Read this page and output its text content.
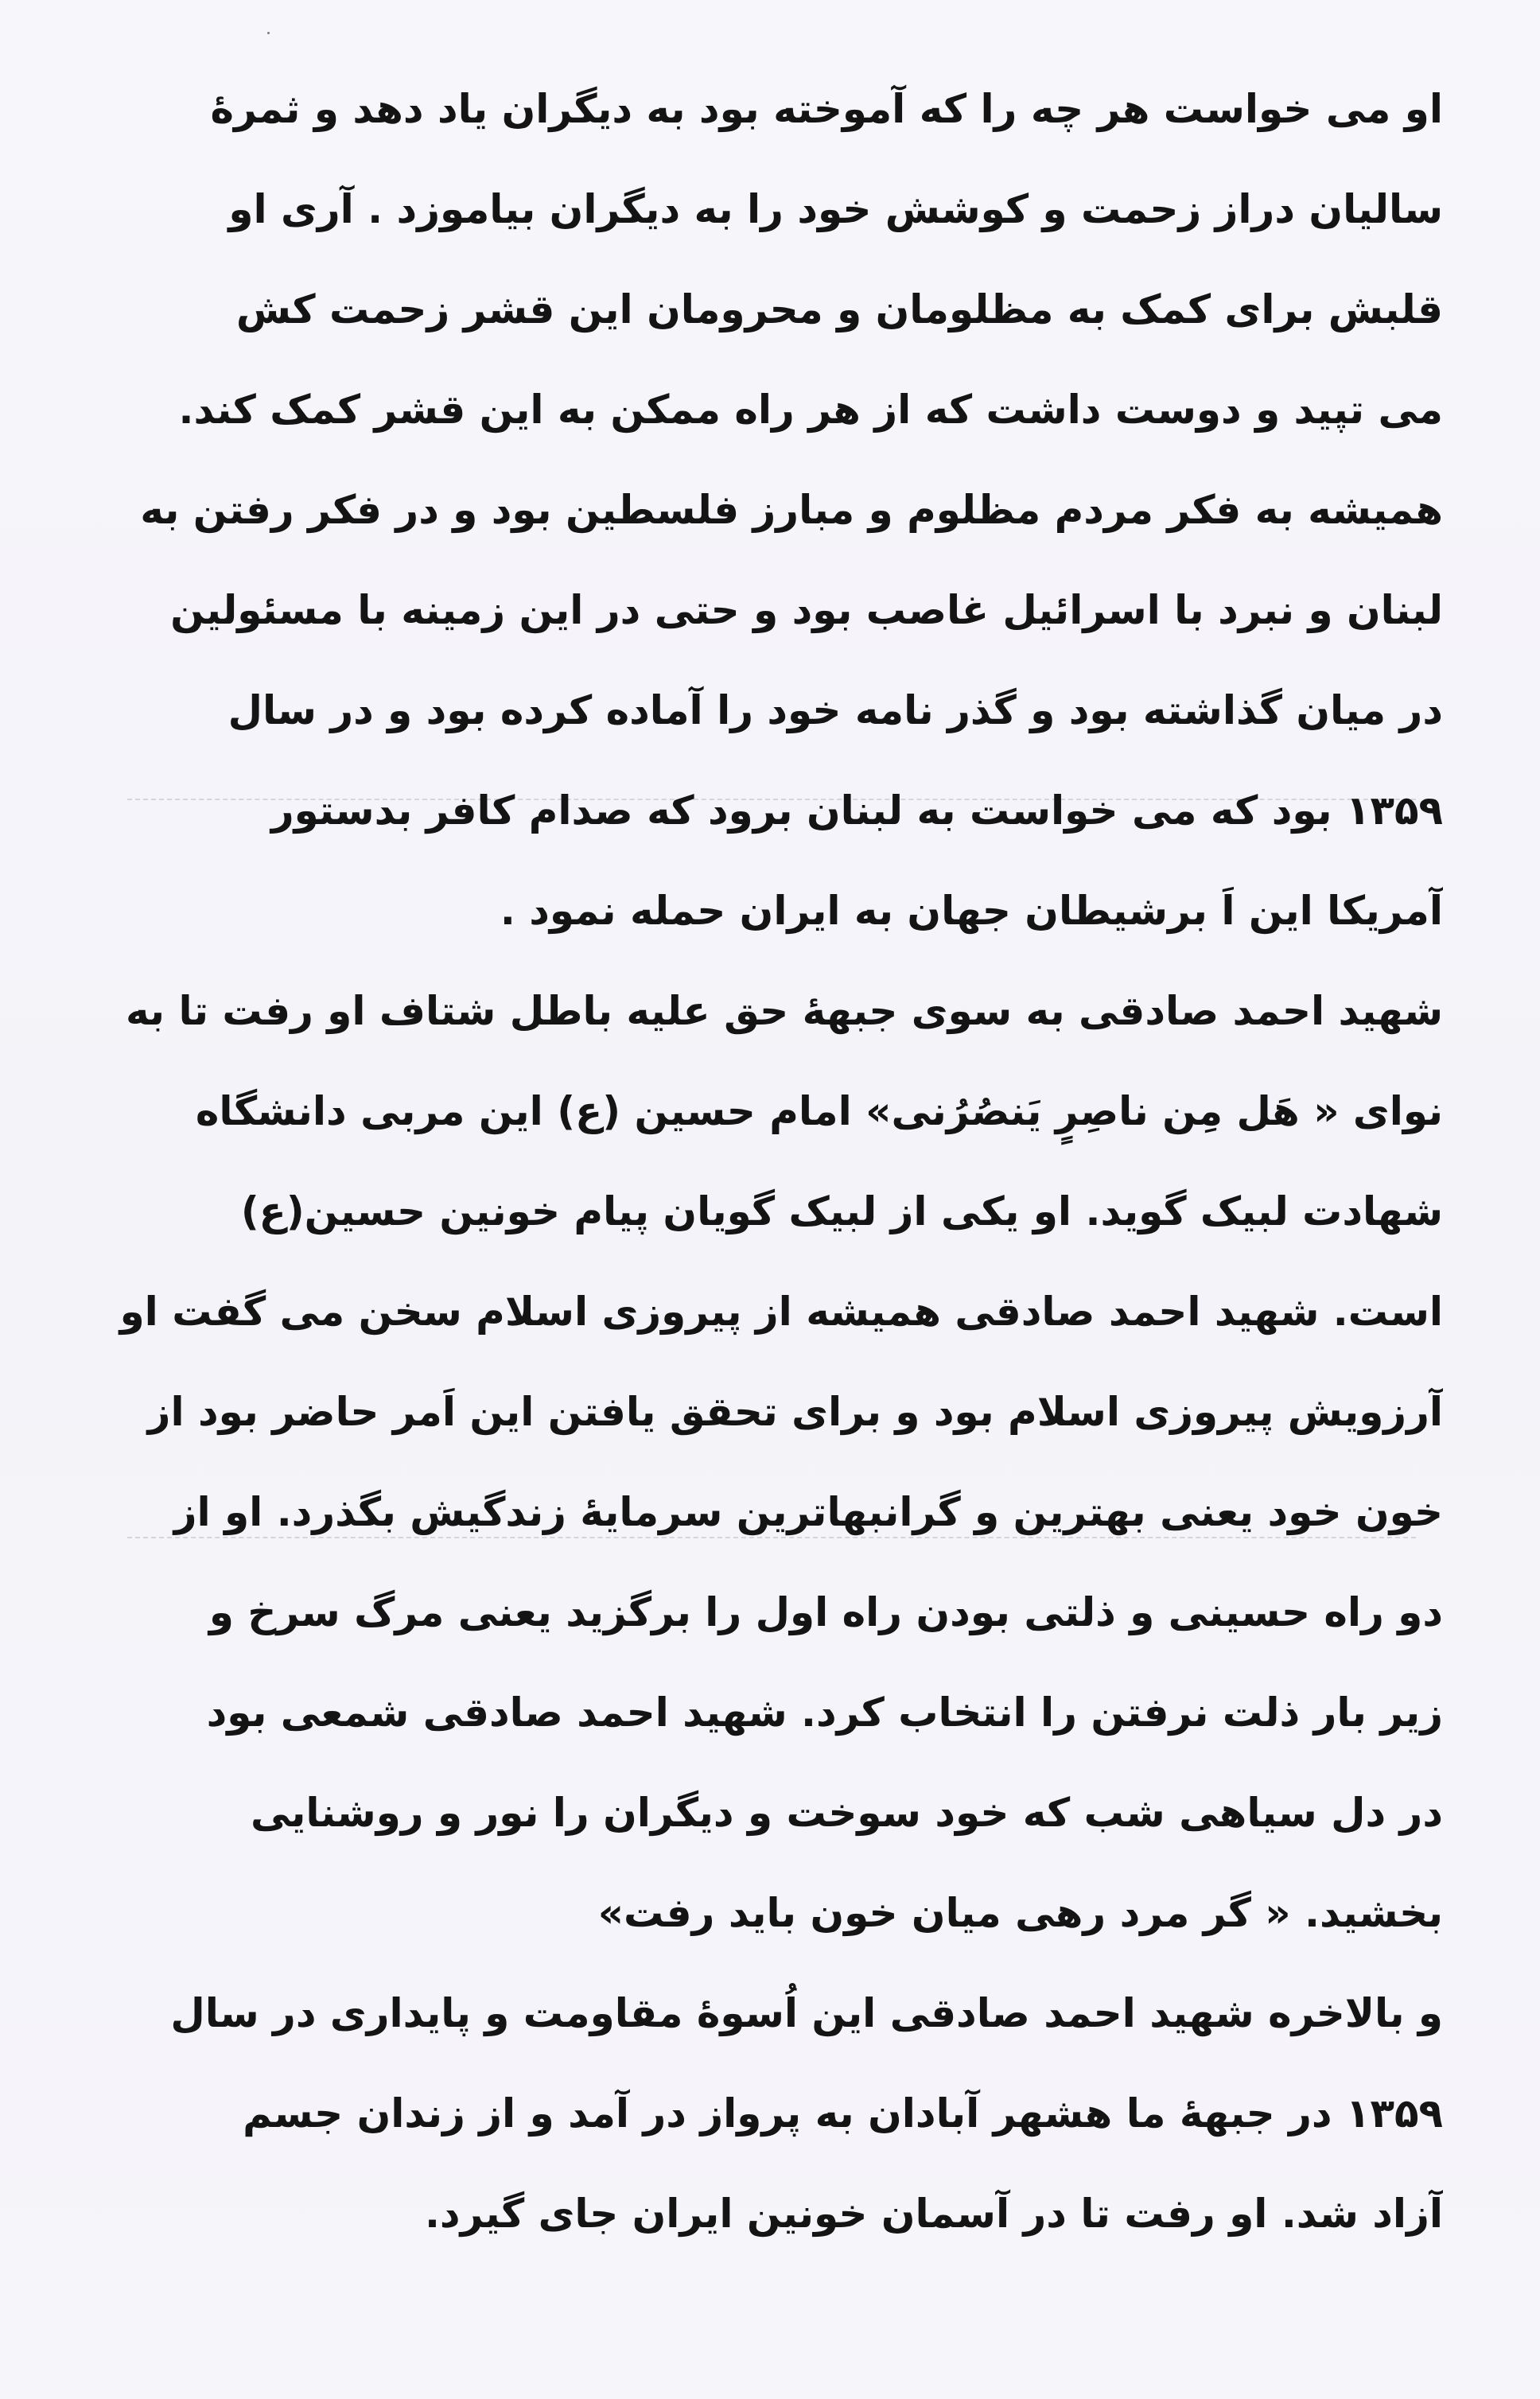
او می خواست هر چه را که آموخته بود به دیگران یاد دهد و ثمرۀ
سالیان دراز زحمت و کوشش خود را به دیگران بیاموزد . آری او
قلبش برای کمک به مظلومان و محرومان این قشر زحمت کش
می تپید و دوست داشت که از هر راه ممکن به این قشر کمک کند.
همیشه به فکر مردم مظلوم و مبارز فلسطین بود و در فکر رفتن به
لبنان و نبرد با اسرائیل غاصب بود و حتی در این زمینه با مسئولین
در میان گذاشته بود و گذر نامه خود را آماده کرده بود و در سال
۱۳۵۹ بود که می خواست به لبنان برود که صدام کافر بدستور
آمریکا این اَ برشیطان جهان به ایران حمله نمود .
شهید احمد صادقی به سوی جبهۀ حق علیه باطل شتاف او رفت تا به
نوای « هَل مِن ناصِرٍ یَنصُرُنی» امام حسین (ع) این مربی دانشگاه
شهادت لبیک گوید. او یکی از لبیک گویان پیام خونین حسین(ع)
است. شهید احمد صادقی همیشه از پیروزی اسلام سخن می گفت او
آرزویش پیروزی اسلام بود و برای تحقق یافتن این اَمر حاضر بود از
خون خود یعنی بهترین و گرانبهاترین سرمایۀ زندگیش بگذرد. او از
دو راه حسینی و ذلتی بودن راه اول را برگزید یعنی مرگ سرخ و
زیر بار ذلت نرفتن را انتخاب کرد. شهید احمد صادقی شمعی بود
در دل سیاهی شب که خود سوخت و دیگران را نور و روشنایی
بخشید. « گر مرد رهی میان خون باید رفت»
و بالاخره شهید احمد صادقی این اُسوۀ مقاومت و پایداری در سال
۱۳۵۹ در جبهۀ ما هشهر آبادان به پرواز در آمد و از زندان جسم
آزاد شد. او رفت تا در آسمان خونین ایران جای گیرد.
